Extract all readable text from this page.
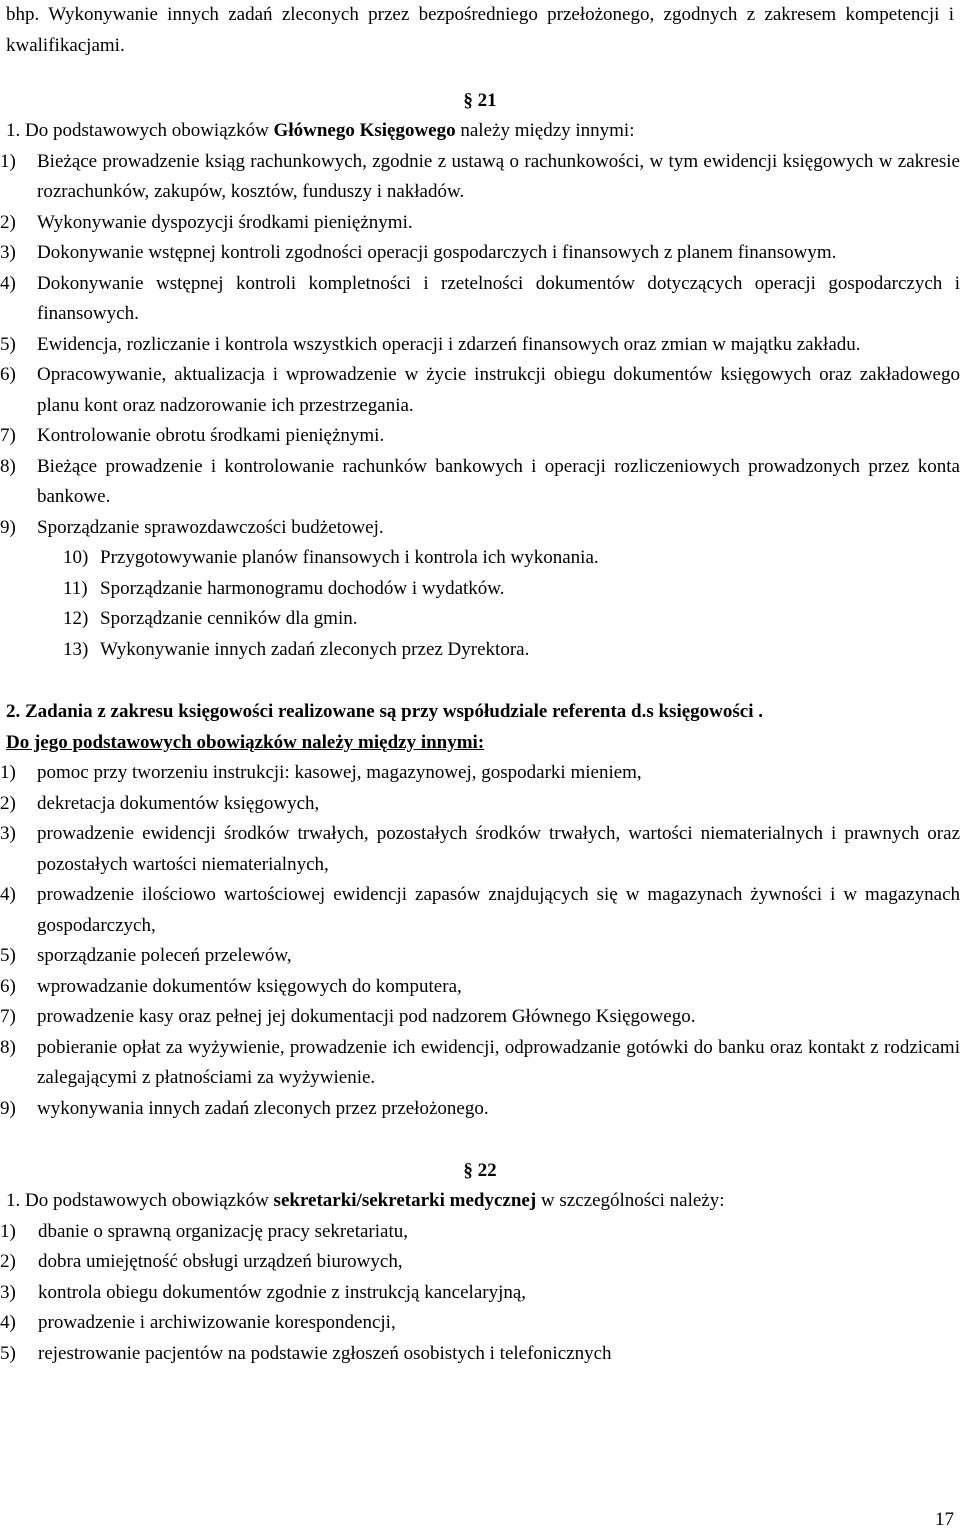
bhp. Wykonywanie innych zadań zleconych przez bezpośredniego przełożonego, zgodnych z zakresem kompetencji i kwalifikacjami.

§ 21

1. Do podstawowych obowiązków Głównego Księgowego należy między innymi:

1)	Bieżące prowadzenie ksiąg rachunkowych, zgodnie z ustawą o rachunkowości, w tym ewidencji księgowych w zakresie rozrachunków, zakupów, kosztów, funduszy i nakładów.
2)	Wykonywanie dyspozycji środkami pieniężnymi.
3)	Dokonywanie wstępnej kontroli zgodności operacji gospodarczych i finansowych z planem finansowym.
4)	Dokonywanie wstępnej kontroli kompletności i rzetelności dokumentów dotyczących operacji gospodarczych i finansowych.
5)	Ewidencja, rozliczanie i kontrola wszystkich operacji i zdarzeń finansowych oraz zmian w majątku zakładu.
6)	Opracowywanie, aktualizacja i wprowadzenie w życie instrukcji obiegu dokumentów księgowych oraz zakładowego planu kont oraz nadzorowanie ich przestrzegania.
7)	Kontrolowanie obrotu środkami pieniężnymi.
8)	Bieżące prowadzenie i kontrolowanie rachunków bankowych i operacji rozliczeniowych prowadzonych przez konta bankowe.
9)	Sporządzanie sprawozdawczości budżetowej.
10) Przygotowywanie planów finansowych i kontrola ich wykonania.
11) Sporządzanie harmonogramu dochodów i wydatków.
12) Sporządzanie cenników dla gmin.
13) Wykonywanie innych zadań zleconych przez Dyrektora.

2. Zadania z zakresu księgowości realizowane są przy współudziale referenta d.s księgowości .

Do jego podstawowych obowiązków należy między innymi:

1)	pomoc przy tworzeniu instrukcji: kasowej, magazynowej, gospodarki mieniem,
2)	dekretacja dokumentów księgowych,
3)	prowadzenie ewidencji środków trwałych, pozostałych środków trwałych, wartości niematerialnych i prawnych oraz pozostałych wartości niematerialnych,
4)	prowadzenie ilościowo wartościowej ewidencji zapasów znajdujących się w magazynach żywności i w magazynach gospodarczych,
5)	sporządzanie poleceń przelewów,
6)	wprowadzanie dokumentów księgowych do komputera,
7)	prowadzenie kasy oraz pełnej jej dokumentacji pod nadzorem Głównego Księgowego.
8)	pobieranie opłat za wyżywienie, prowadzenie ich ewidencji, odprowadzanie gotówki do banku oraz kontakt z rodzicami zalegającymi z płatnościami za wyżywienie.
9)	wykonywania innych zadań zleconych przez przełożonego.

§ 22

1. Do podstawowych obowiązków sekretarki/sekretarki medycznej w szczególności należy:

1)	dbanie o sprawną organizację pracy sekretariatu,
2)	dobra umiejętność obsługi urządzeń biurowych,
3)	kontrola obiegu dokumentów zgodnie z instrukcją kancelaryjną,
4)	prowadzenie i archiwizowanie korespondencji,
5)	rejestrowanie pacjentów na podstawie zgłoszeń osobistych i telefonicznych
17
